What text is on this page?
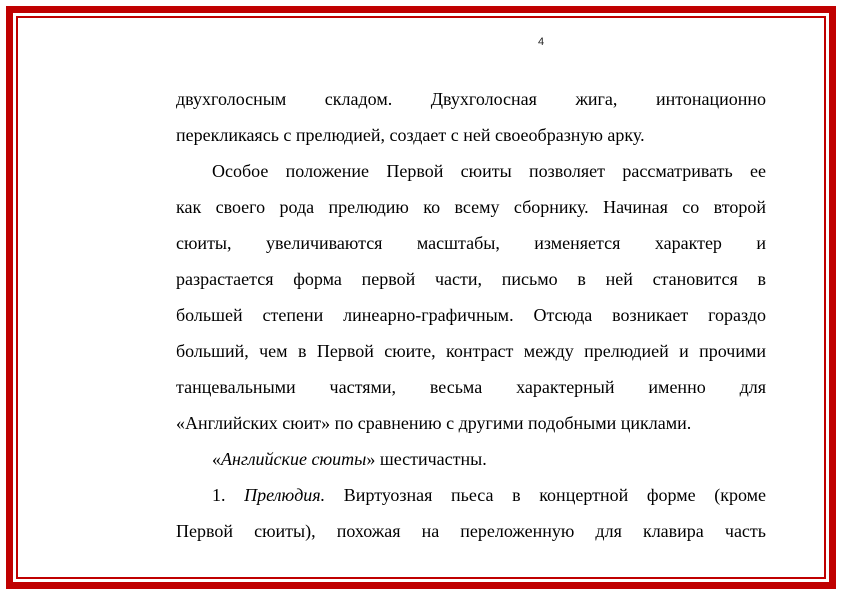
4
двухголосным складом. Двухголосная жига, интонационно
перекликаясь с прелюдией, создает с ней своеобразную арку.
Особое положение Первой сюиты позволяет рассматривать ее
как своего рода прелюдию ко всему сборнику. Начиная со второй
сюиты, увеличиваются масштабы, изменяется характер и
разрастается форма первой части, письмо в ней становится в
большей степени линеарно-графичным. Отсюда возникает гораздо
больший, чем в Первой сюите, контраст между прелюдией и прочими
танцевальными частями, весьма характерный именно для
«Английских сюит» по сравнению с другими подобными циклами.
«Английские сюиты» шестичастны.
1. Прелюдия. Виртуозная пьеса в концертной форме (кроме
Первой сюиты), похожая на переложенную для клавира часть
